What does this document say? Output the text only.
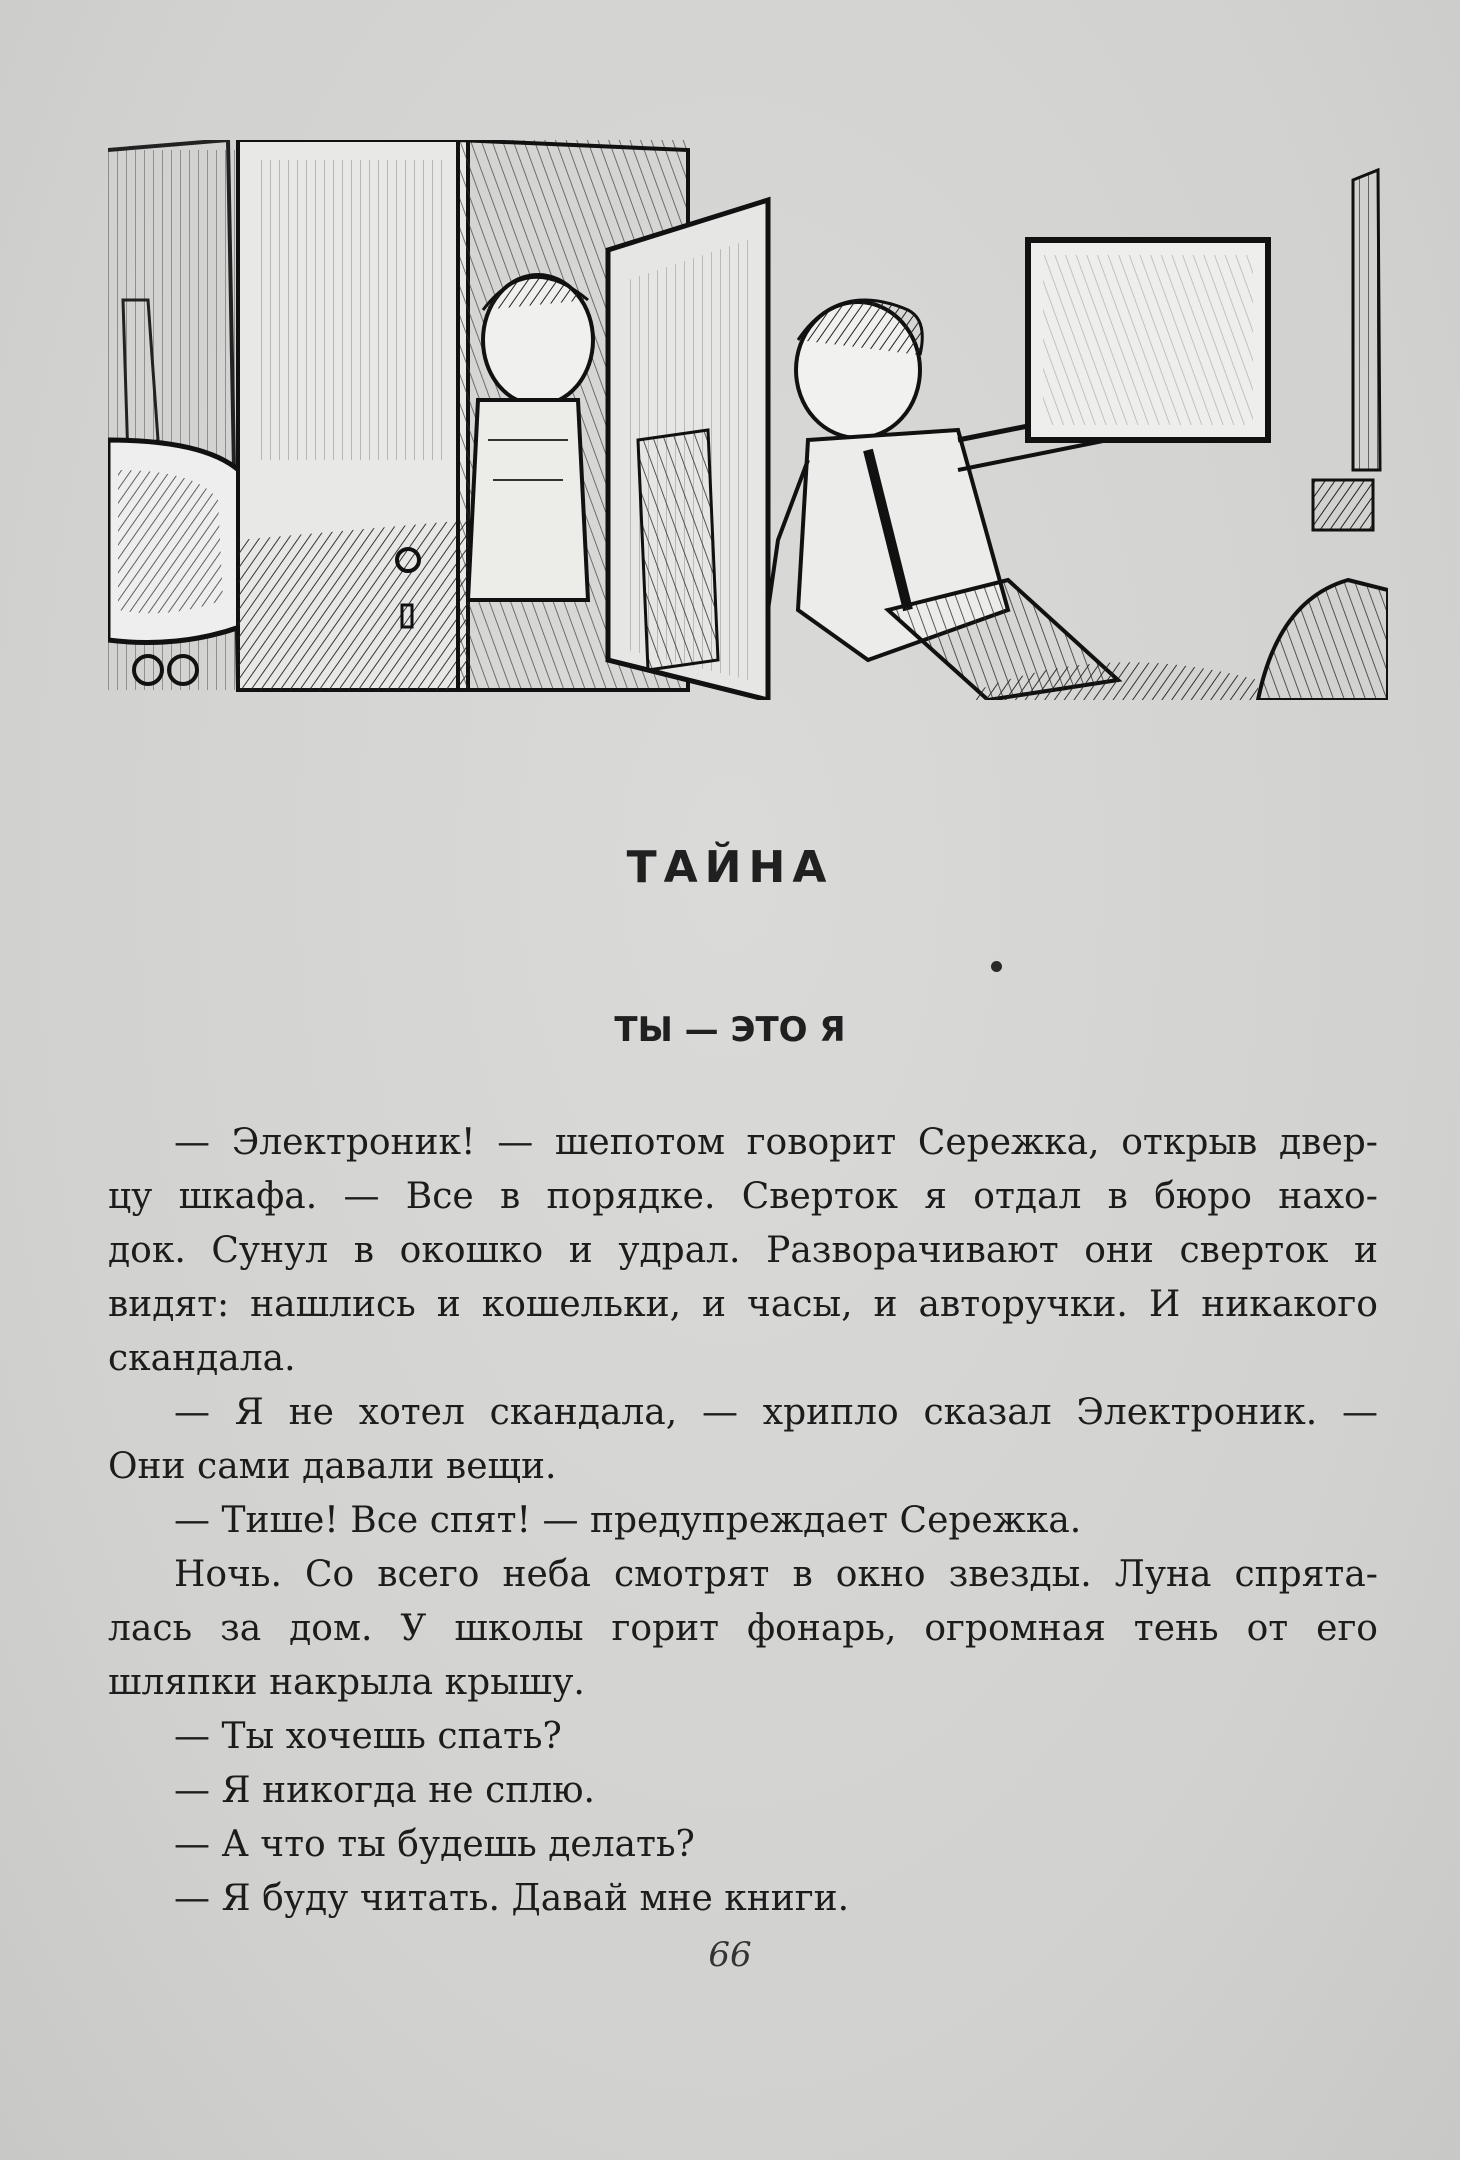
ТАЙНА
ТЫ — ЭТО Я
— Электроник! — шепотом говорит Сережка, открыв двер-
цу шкафа. — Все в порядке. Сверток я отдал в бюро нахо-
док. Сунул в окошко и удрал. Разворачивают они сверток и
видят: нашлись и кошельки, и часы, и авторучки. И никакого
скандала.
— Я не хотел скандала, — хрипло сказал Электроник. —
Они сами давали вещи.
— Тише! Все спят! — предупреждает Сережка.
Ночь. Со всего неба смотрят в окно звезды. Луна спрята-
лась за дом. У школы горит фонарь, огромная тень от его
шляпки накрыла крышу.
— Ты хочешь спать?
— Я никогда не сплю.
— А что ты будешь делать?
— Я буду читать. Давай мне книги.
66
